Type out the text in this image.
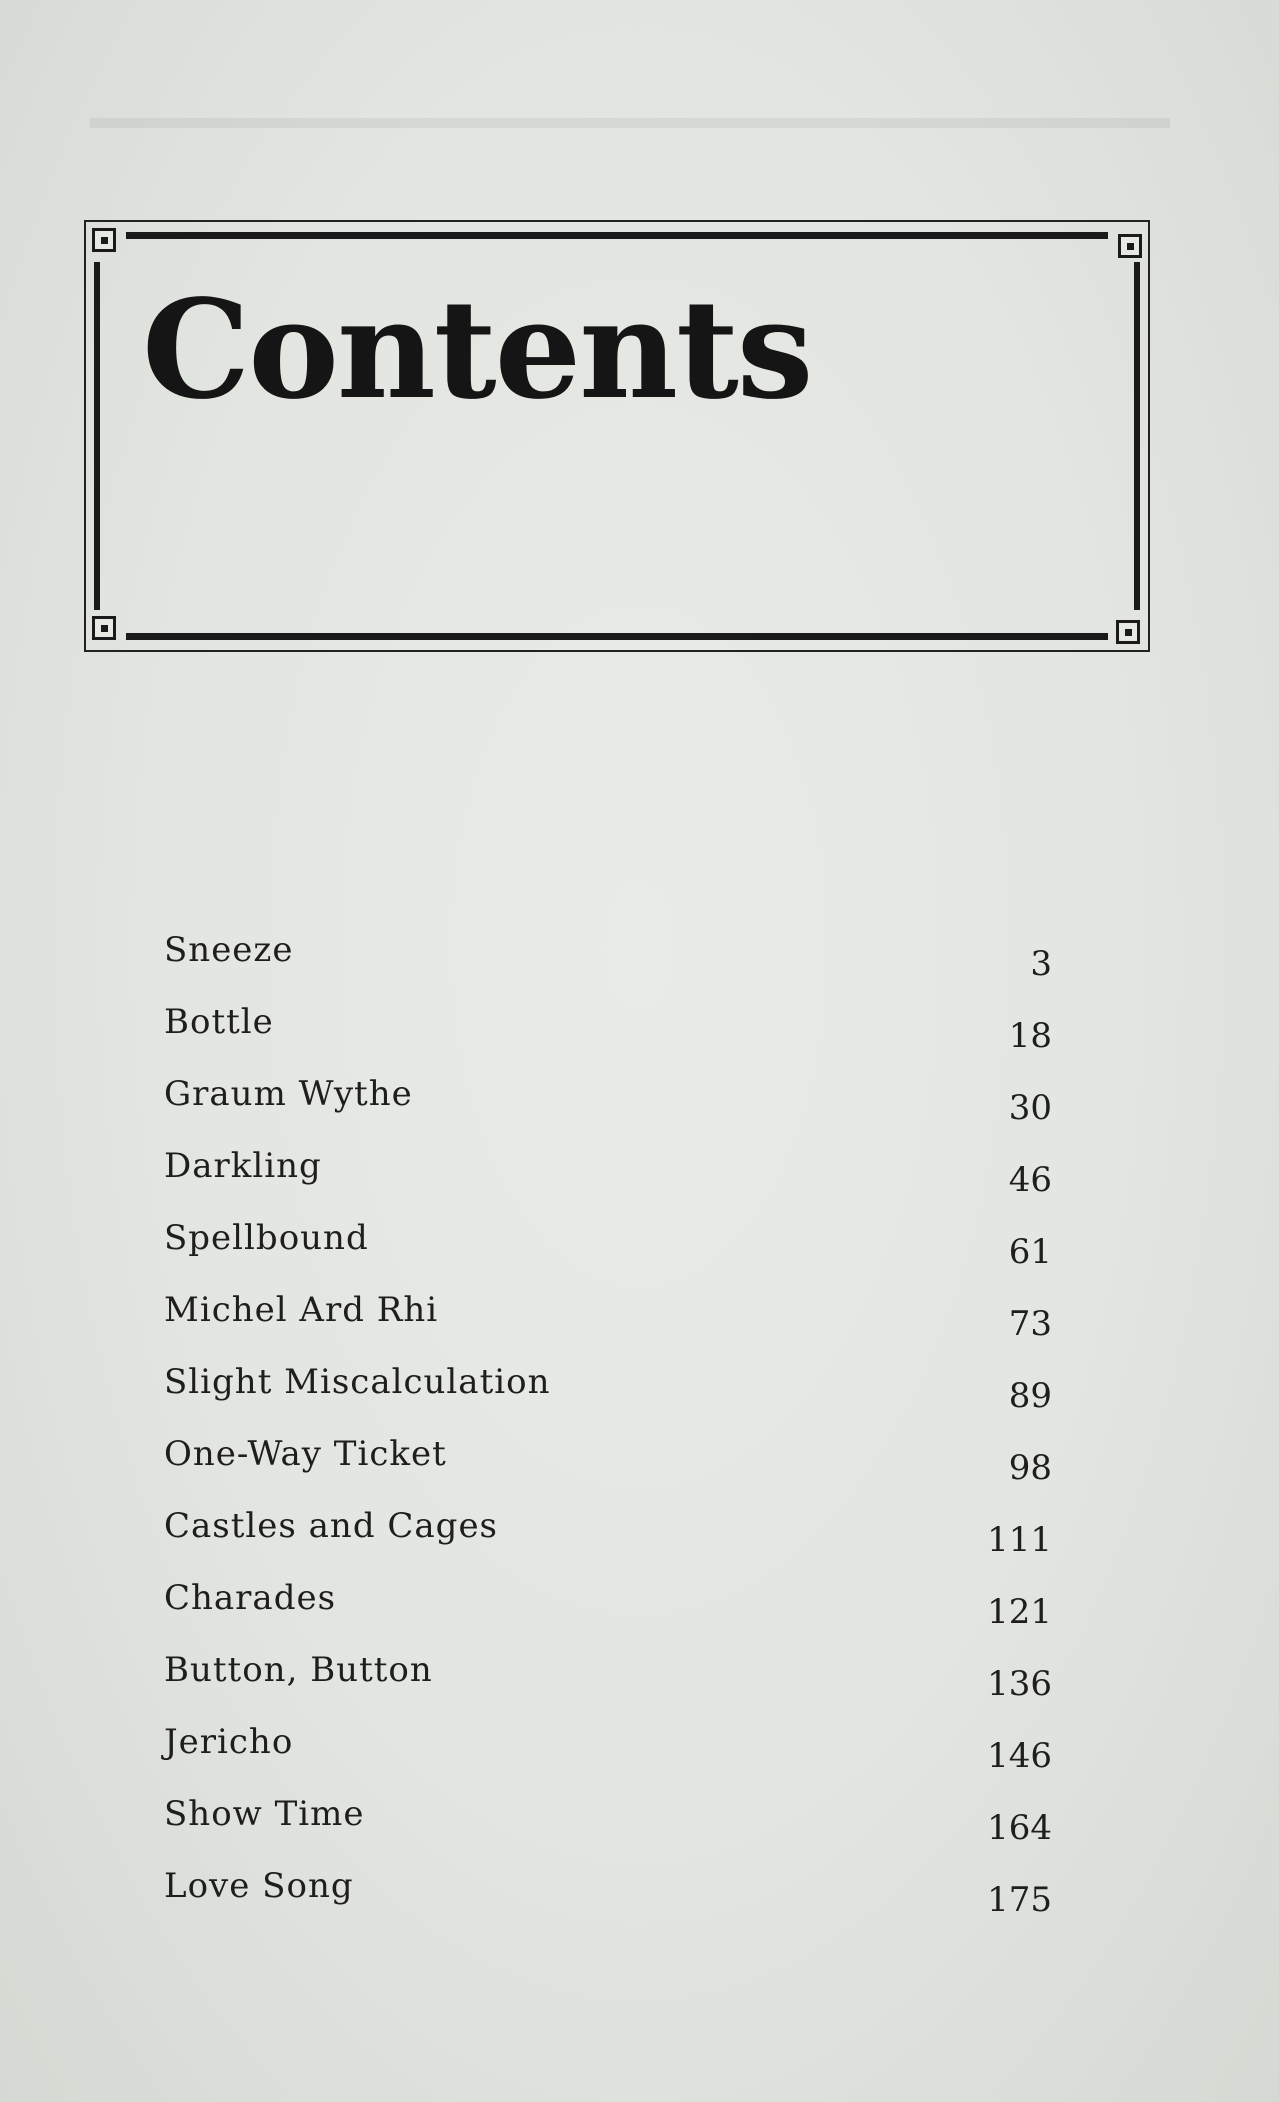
Contents
Sneeze	3
Bottle	18
Graum Wythe	30
Darkling	46
Spellbound	61
Michel Ard Rhi	73
Slight Miscalculation	89
One-Way Ticket	98
Castles and Cages	111
Charades	121
Button, Button	136
Jericho	146
Show Time	164
Love Song	175
